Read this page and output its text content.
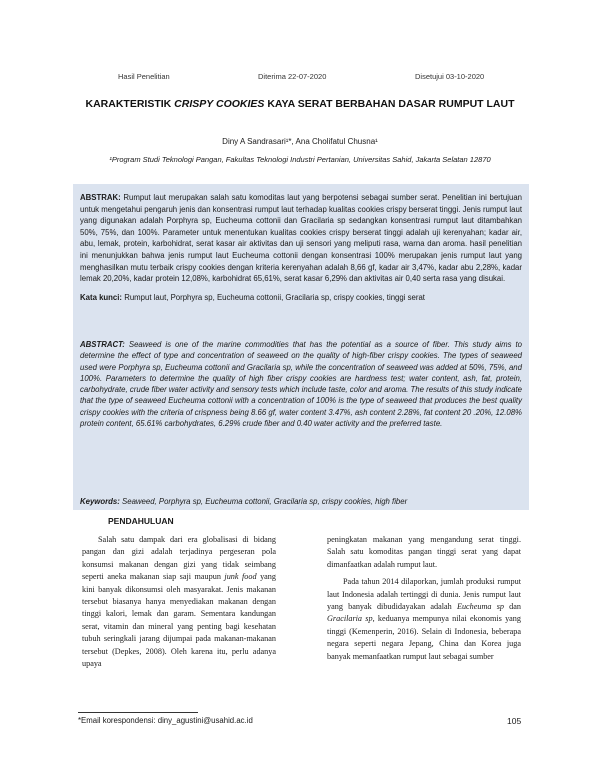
Hasil Penelitian	Diterima 22-07-2020	Disetujui 03-10-2020
KARAKTERISTIK CRISPY COOKIES KAYA SERAT BERBAHAN DASAR RUMPUT LAUT
Diny A Sandrasari¹*, Ana Cholifatul Chusna¹
¹Program Studi Teknologi Pangan, Fakultas Teknologi Industri Pertanian, Universitas Sahid, Jakarta Selatan 12870
ABSTRAK: Rumput laut merupakan salah satu komoditas laut yang berpotensi sebagai sumber serat. Penelitian ini bertujuan untuk mengetahui pengaruh jenis dan konsentrasi rumput laut terhadap kualitas cookies crispy berserat tinggi. Jenis rumput laut yang digunakan adalah Porphyra sp, Eucheuma cottonii dan Gracilaria sp sedangkan konsentrasi rumput laut ditambahkan 50%, 75%, dan 100%. Parameter untuk menentukan kualitas cookies crispy berserat tinggi adalah uji kerenyahan; kadar air, abu, lemak, protein, karbohidrat, serat kasar air aktivitas dan uji sensori yang meliputi rasa, warna dan aroma. hasil penelitian ini menunjukkan bahwa jenis rumput laut Eucheuma cottonii dengan konsentrasi 100% merupakan jenis rumput laut yang menghasilkan mutu terbaik crispy cookies dengan kriteria kerenyahan adalah 8,66 gf, kadar air 3,47%, kadar abu 2,28%, kadar lemak 20,20%, kadar protein 12,08%, karbohidrat 65,61%, serat kasar 6,29% dan aktivitas air 0,40 serta rasa yang disukai.
Kata kunci: Rumput laut, Porphyra sp, Eucheuma cottonii, Gracilaria sp, crispy cookies, tinggi serat
ABSTRACT: Seaweed is one of the marine commodities that has the potential as a source of fiber. This study aims to determine the effect of type and concentration of seaweed on the quality of high-fiber crispy cookies. The types of seaweed used were Porphyra sp, Eucheuma cottonii and Gracilaria sp, while the concentration of seaweed was added at 50%, 75%, and 100%. Parameters to determine the quality of high fiber crispy cookies are hardness test; water content, ash, fat, protein, carbohydrate, crude fiber water activity and sensory tests which include taste, color and aroma. The results of this study indicate that the type of seaweed Eucheuma cottonii with a concentration of 100% is the type of seaweed that produces the best quality crispy cookies with the criteria of crispness being 8.66 gf, water content 3.47%, ash content 2.28%, fat content 20 .20%, 12.08% protein content, 65.61% carbohydrates, 6.29% crude fiber and 0.40 water activity and the preferred taste.
Keywords: Seaweed, Porphyra sp, Eucheuma cottonii, Gracilaria sp, crispy cookies, high fiber
PENDAHULUAN

Salah satu dampak dari era globalisasi di bidang pangan dan gizi adalah terjadinya pergeseran pola konsumsi makanan dengan gizi yang tidak seimbang seperti aneka makanan siap saji maupun junk food yang kini banyak dikonsumsi oleh masyarakat. Jenis makanan tersebut biasanya hanya menyediakan makanan dengan tinggi kalori, lemak dan garam. Sementara kandungan serat, vitamin dan mineral yang penting bagi kesehatan tubuh seringkali jarang dijumpai pada makanan-makanan tersebut (Depkes, 2008). Oleh karena itu, perlu adanya upaya

peningkatan makanan yang mengandung serat tinggi. Salah satu komoditas pangan tinggi serat yang dapat dimanfaatkan adalah rumput laut.

Pada tahun 2014 dilaporkan, jumlah produksi rumput laut Indonesia adalah tertinggi di dunia. Jenis rumput laut yang banyak dibudidayakan adalah Eucheuma sp dan Gracilaria sp, keduanya mempunya nilai ekonomis yang tinggi (Kemenperin, 2016). Selain di Indonesia, beberapa negara seperti negara Jepang, China dan Korea juga banyak memanfaatkan rumput laut sebagai sumber

*Email korespondensi: diny_agustini@usahid.ac.id	105
